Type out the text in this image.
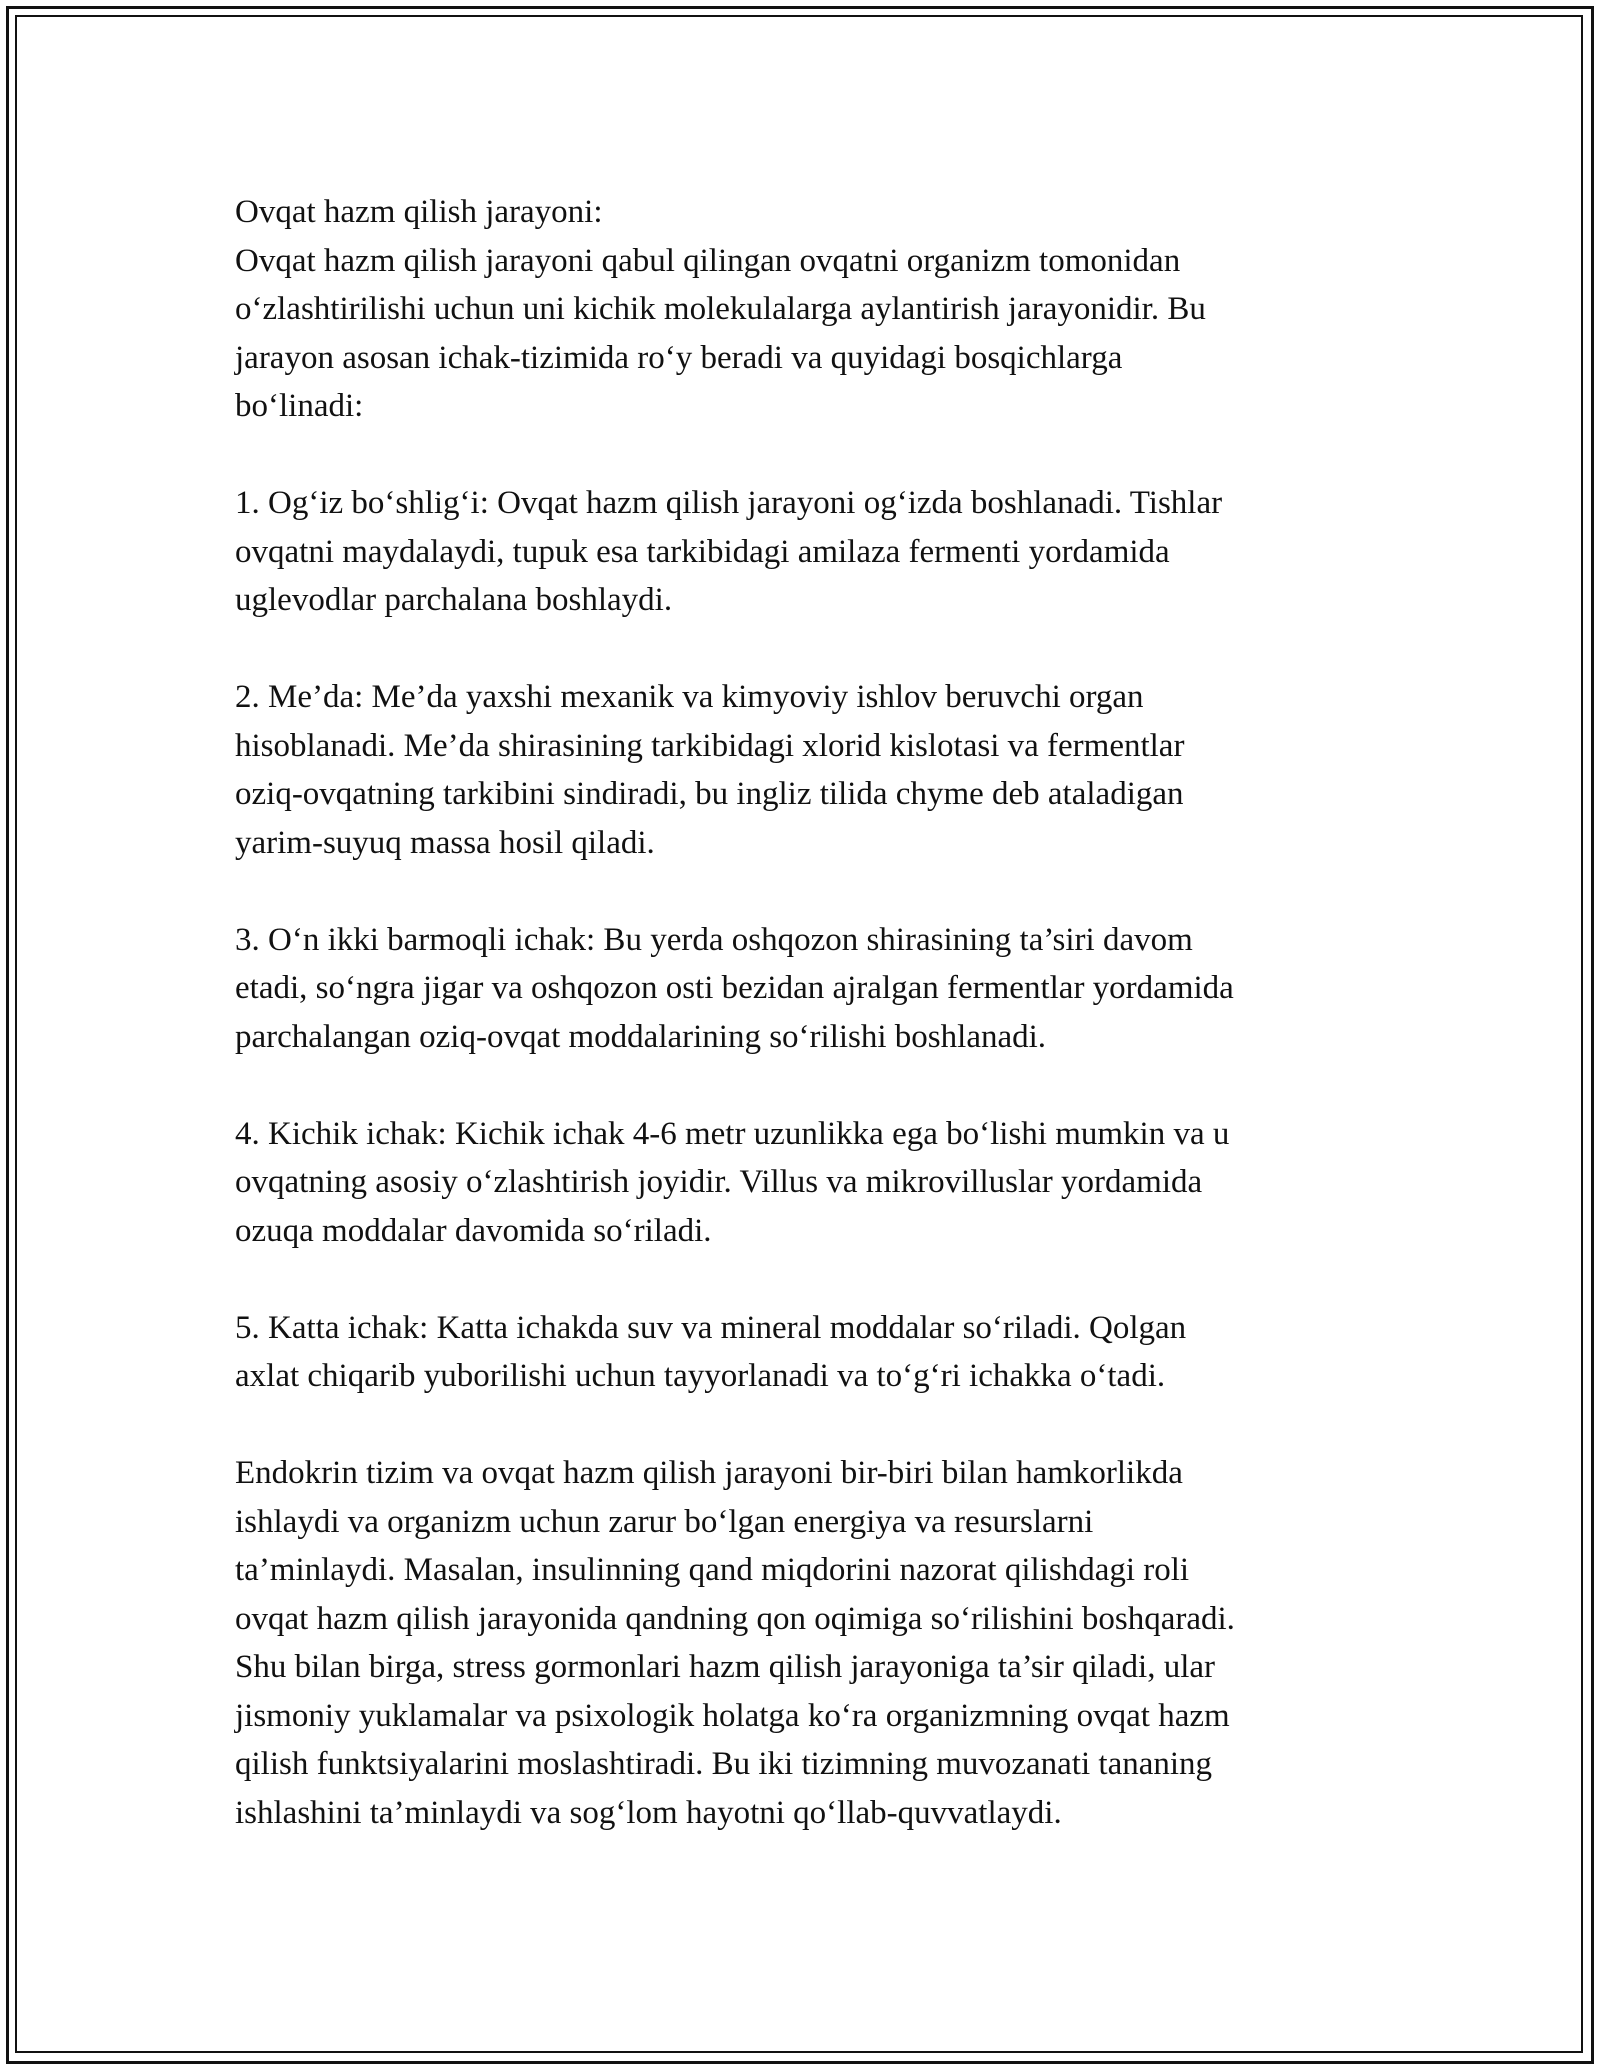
Ovqat hazm qilish jarayoni:
Ovqat hazm qilish jarayoni qabul qilingan ovqatni organizm tomonidan
o‘zlashtirilishi uchun uni kichik molekulalarga aylantirish jarayonidir. Bu
jarayon asosan ichak-tizimida ro‘y beradi va quyidagi bosqichlarga
bo‘linadi:

1. Og‘iz bo‘shlig‘i: Ovqat hazm qilish jarayoni og‘izda boshlanadi. Tishlar
ovqatni maydalaydi, tupuk esa tarkibidagi amilaza fermenti yordamida
uglevodlar parchalana boshlaydi.

2. Me’da: Me’da yaxshi mexanik va kimyoviy ishlov beruvchi organ
hisoblanadi. Me’da shirasining tarkibidagi xlorid kislotasi va fermentlar
oziq-ovqatning tarkibini sindiradi, bu ingliz tilida chyme deb ataladigan
yarim-suyuq massa hosil qiladi.

3. O‘n ikki barmoqli ichak: Bu yerda oshqozon shirasining ta’siri davom
etadi, so‘ngra jigar va oshqozon osti bezidan ajralgan fermentlar yordamida
parchalangan oziq-ovqat moddalarining so‘rilishi boshlanadi.

4. Kichik ichak: Kichik ichak 4-6 metr uzunlikka ega bo‘lishi mumkin va u
ovqatning asosiy o‘zlashtirish joyidir. Villus va mikrovilluslar yordamida
ozuqa moddalar davomida so‘riladi.

5. Katta ichak: Katta ichakda suv va mineral moddalar so‘riladi. Qolgan
axlat chiqarib yuborilishi uchun tayyorlanadi va to‘g‘ri ichakka o‘tadi.

Endokrin tizim va ovqat hazm qilish jarayoni bir-biri bilan hamkorlikda
ishlaydi va organizm uchun zarur bo‘lgan energiya va resurslarni
ta’minlaydi. Masalan, insulinning qand miqdorini nazorat qilishdagi roli
ovqat hazm qilish jarayonida qandning qon oqimiga so‘rilishini boshqaradi.
Shu bilan birga, stress gormonlari hazm qilish jarayoniga ta’sir qiladi, ular
jismoniy yuklamalar va psixologik holatga ko‘ra organizmning ovqat hazm
qilish funktsiyalarini moslashtiradi. Bu iki tizimning muvozanati tananing
ishlashini ta’minlaydi va sog‘lom hayotni qo‘llab-quvvatlaydi.
